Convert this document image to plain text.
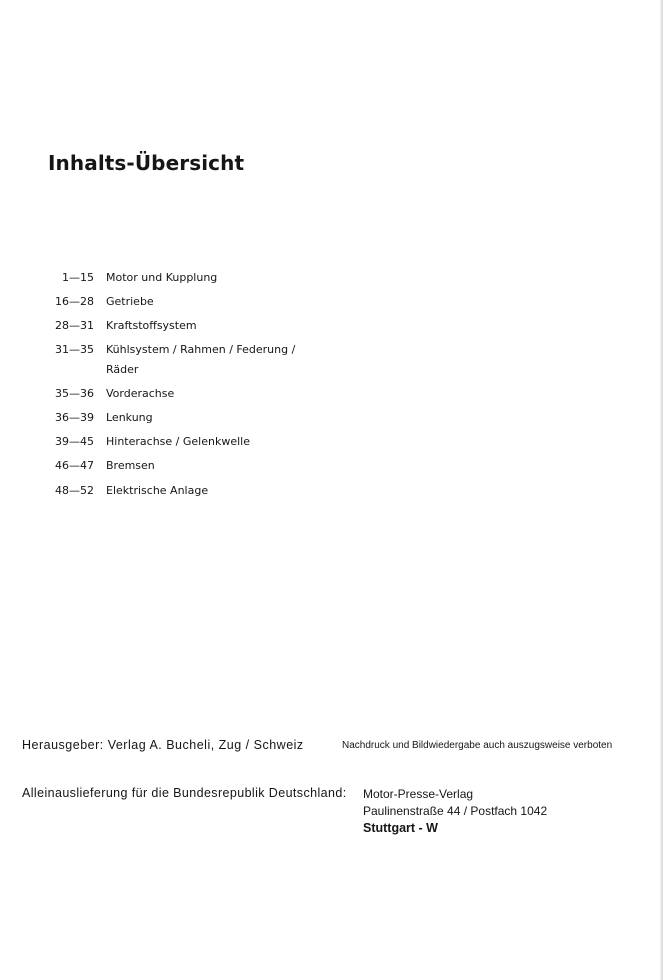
Inhalts-Übersicht
1—15 Motor und Kupplung
16—28 Getriebe
28—31 Kraftstoffsystem
31—35 Kühlsystem / Rahmen / Federung / Räder
35—36 Vorderachse
36—39 Lenkung
39—45 Hinterachse / Gelenkwelle
46—47 Bremsen
48—52 Elektrische Anlage
Herausgeber: Verlag A. Bucheli, Zug / Schweiz	Nachdruck und Bildwiedergabe auch auszugsweise verboten
Alleinauslieferung für die Bundesrepublik Deutschland: Motor-Presse-Verlag
Paulinenstraße 44 / Postfach 1042
Stuttgart - W
